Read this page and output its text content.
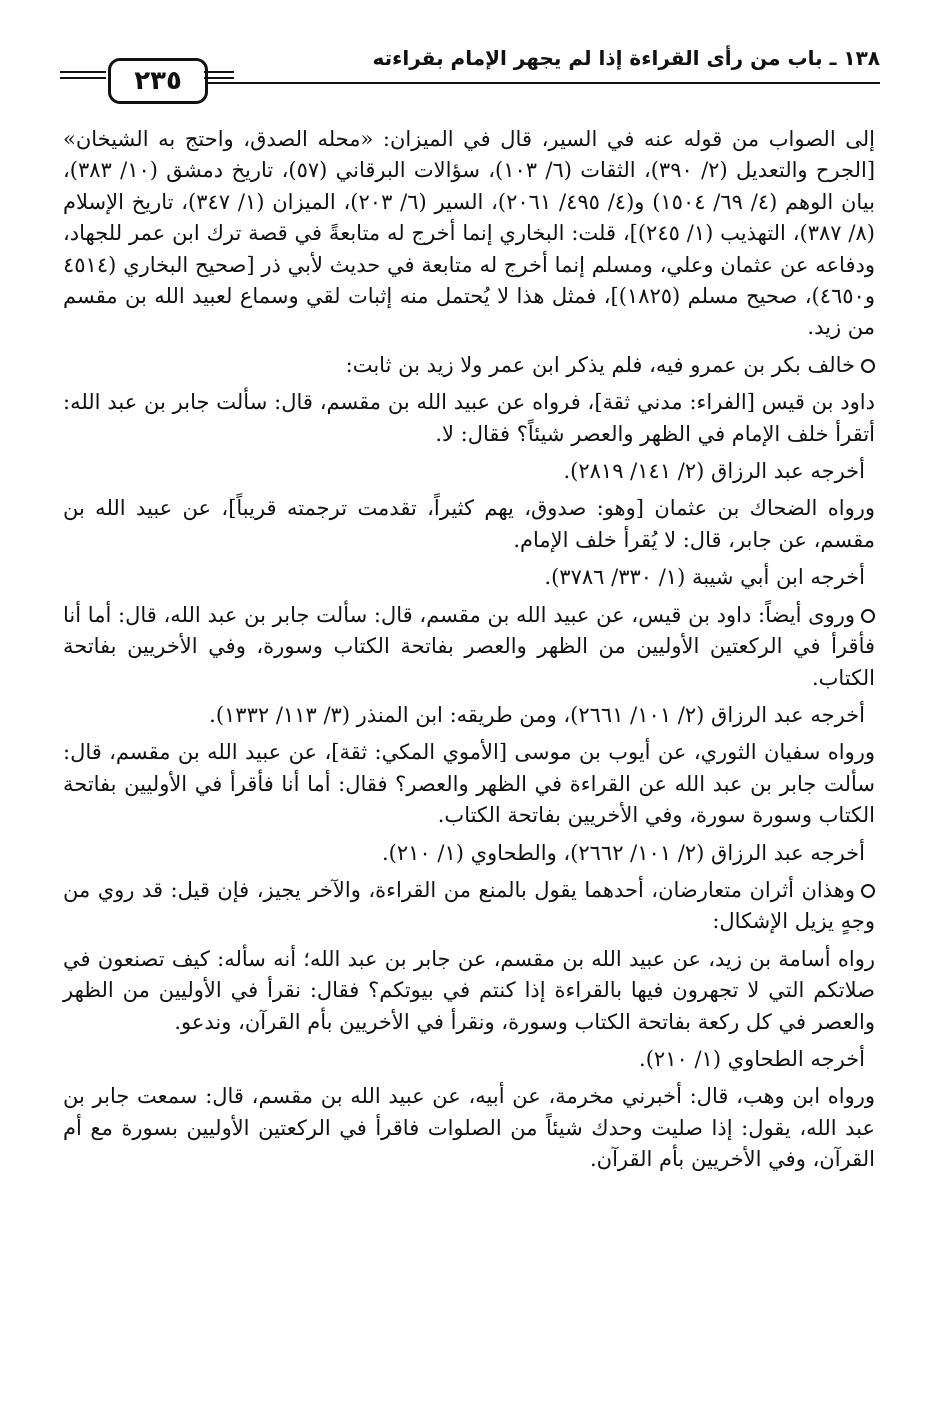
١٣٨ ـ باب من رأى القراءة إذا لم يجهر الإمام بقراءته
٢٣٥

إلى الصواب من قوله عنه في السير، قال في الميزان: «محله الصدق، واحتج به الشيخان» [الجرح والتعديل (٢/ ٣٩٠)، الثقات (٦/ ١٠٣)، سؤالات البرقاني (٥٧)، تاريخ دمشق (١٠/ ٣٨٣)، بيان الوهم (٤/ ٦٩/ ١٥٠٤) و(٤/ ٤٩٥/ ٢٠٦١)، السير (٦/ ٢٠٣)، الميزان (١/ ٣٤٧)، تاريخ الإسلام (٨/ ٣٨٧)، التهذيب (١/ ٢٤٥)]، قلت: البخاري إنما أخرج له متابعةً في قصة ترك ابن عمر للجهاد، ودفاعه عن عثمان وعلي، ومسلم إنما أخرج له متابعة في حديث لأبي ذر [صحيح البخاري (٤٥١٤ و٤٦٥٠)، صحيح مسلم (١٨٢٥)]، فمثل هذا لا يُحتمل منه إثبات لقي وسماع لعبيد الله بن مقسم من زيد.

خالف بكر بن عمرو فيه، فلم يذكر ابن عمر ولا زيد بن ثابت:

داود بن قيس [الفراء: مدني ثقة]، فرواه عن عبيد الله بن مقسم، قال: سألت جابر بن عبد الله: أتقرأ خلف الإمام في الظهر والعصر شيئاً؟ فقال: لا.

أخرجه عبد الرزاق (٢/ ١٤١/ ٢٨١٩).

ورواه الضحاك بن عثمان [وهو: صدوق، يهم كثيراً، تقدمت ترجمته قريباً]، عن عبيد الله بن مقسم، عن جابر، قال: لا يُقرأ خلف الإمام.

أخرجه ابن أبي شيبة (١/ ٣٣٠/ ٣٧٨٦).

وروى أيضاً: داود بن قيس، عن عبيد الله بن مقسم، قال: سألت جابر بن عبد الله، قال: أما أنا فأقرأ في الركعتين الأوليين من الظهر والعصر بفاتحة الكتاب وسورة، وفي الأخريين بفاتحة الكتاب.

أخرجه عبد الرزاق (٢/ ١٠١/ ٢٦٦١)، ومن طريقه: ابن المنذر (٣/ ١١٣/ ١٣٣٢).

ورواه سفيان الثوري، عن أيوب بن موسى [الأموي المكي: ثقة]، عن عبيد الله بن مقسم، قال: سألت جابر بن عبد الله عن القراءة في الظهر والعصر؟ فقال: أما أنا فأقرأ في الأوليين بفاتحة الكتاب وسورة سورة، وفي الأخريين بفاتحة الكتاب.

أخرجه عبد الرزاق (٢/ ١٠١/ ٢٦٦٢)، والطحاوي (١/ ٢١٠).

وهذان أثران متعارضان، أحدهما يقول بالمنع من القراءة، والآخر يجيز، فإن قيل: قد روي من وجهٍ يزيل الإشكال:

رواه أسامة بن زيد، عن عبيد الله بن مقسم، عن جابر بن عبد الله؛ أنه سأله: كيف تصنعون في صلاتكم التي لا تجهرون فيها بالقراءة إذا كنتم في بيوتكم؟ فقال: نقرأ في الأوليين من الظهر والعصر في كل ركعة بفاتحة الكتاب وسورة، ونقرأ في الأخريين بأم القرآن، وندعو.

أخرجه الطحاوي (١/ ٢١٠).

ورواه ابن وهب، قال: أخبرني مخرمة، عن أبيه، عن عبيد الله بن مقسم، قال: سمعت جابر بن عبد الله، يقول: إذا صليت وحدك شيئاً من الصلوات فاقرأ في الركعتين الأوليين بسورة مع أم القرآن، وفي الأخريين بأم القرآن.
